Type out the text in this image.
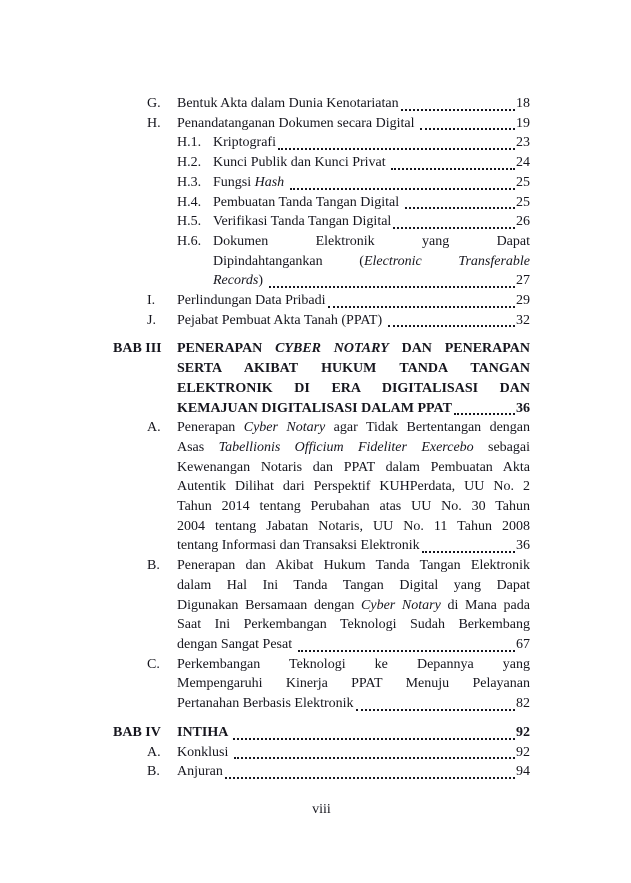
G.	Bentuk Akta dalam Dunia Kenotariatan	18
H.	Penandatanganan Dokumen secara Digital	19
H.1. Kriptografi	23
H.2. Kunci Publik dan Kunci Privat	24
H.3. Fungsi Hash	25
H.4. Pembuatan Tanda Tangan Digital	25
H.5. Verifikasi Tanda Tangan Digital	26
H.6. Dokumen Elektronik yang Dapat
Dipindahtangankan (Electronic Transferable
Records)	27
I.	Perlindungan Data Pribadi	29
J.	Pejabat Pembuat Akta Tanah (PPAT)	32
BAB III	PENERAPAN CYBER NOTARY DAN PENERAPAN
SERTA AKIBAT HUKUM TANDA TANGAN
ELEKTRONIK DI ERA DIGITALISASI DAN
KEMAJUAN DIGITALISASI DALAM PPAT	36
A.	Penerapan Cyber Notary agar Tidak Bertentangan dengan
Asas Tabellionis Officium Fideliter Exercebo sebagai
Kewenangan Notaris dan PPAT dalam Pembuatan Akta
Autentik Dilihat dari Perspektif KUHPerdata, UU No. 2
Tahun 2014 tentang Perubahan atas UU No. 30 Tahun
2004 tentang Jabatan Notaris, UU No. 11 Tahun 2008
tentang Informasi dan Transaksi Elektronik	36
B.	Penerapan dan Akibat Hukum Tanda Tangan Elektronik
dalam Hal Ini Tanda Tangan Digital yang Dapat
Digunakan Bersamaan dengan Cyber Notary di Mana pada
Saat Ini Perkembangan Teknologi Sudah Berkembang
dengan Sangat Pesat	67
C.	Perkembangan Teknologi ke Depannya yang
Mempengaruhi Kinerja PPAT Menuju Pelayanan
Pertanahan Berbasis Elektronik	82
BAB IV	INTIHA	92
A.	Konklusi	92
B.	Anjuran	94
viii
